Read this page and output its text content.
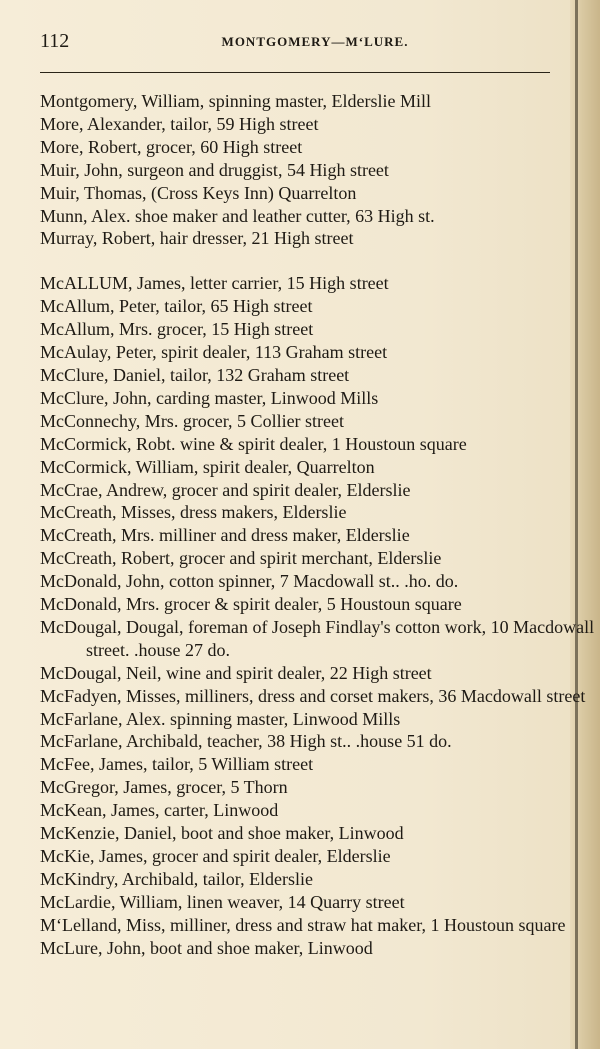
112	MONTGOMERY—M‘LURE.
Montgomery, William, spinning master, Elderslie Mill
More, Alexander, tailor, 59 High street
More, Robert, grocer, 60 High street
Muir, John, surgeon and druggist, 54 High street
Muir, Thomas, (Cross Keys Inn) Quarrelton
Munn, Alex. shoe maker and leather cutter, 63 High st.
Murray, Robert, hair dresser, 21 High street
McALLUM, James, letter carrier, 15 High street
McAllum, Peter, tailor, 65 High street
McAllum, Mrs. grocer, 15 High street
McAulay, Peter, spirit dealer, 113 Graham street
McClure, Daniel, tailor, 132 Graham street
McClure, John, carding master, Linwood Mills
McConnechy, Mrs. grocer, 5 Collier street
McCormick, Robt. wine & spirit dealer, 1 Houstoun square
McCormick, William, spirit dealer, Quarrelton
McCrae, Andrew, grocer and spirit dealer, Elderslie
McCreath, Misses, dress makers, Elderslie
McCreath, Mrs. milliner and dress maker, Elderslie
McCreath, Robert, grocer and spirit merchant, Elderslie
McDonald, John, cotton spinner, 7 Macdowall st.. .ho. do.
McDonald, Mrs. grocer & spirit dealer, 5 Houstoun square
McDougal, Dougal, foreman of Joseph Findlay's cotton work, 10 Macdowall street. .house 27 do.
McDougal, Neil, wine and spirit dealer, 22 High street
McFadyen, Misses, milliners, dress and corset makers, 36 Macdowall street
McFarlane, Alex. spinning master, Linwood Mills
McFarlane, Archibald, teacher, 38 High st.. .house 51 do.
McFee, James, tailor, 5 William street
McGregor, James, grocer, 5 Thorn
McKean, James, carter, Linwood
McKenzie, Daniel, boot and shoe maker, Linwood
McKie, James, grocer and spirit dealer, Elderslie
McKindry, Archibald, tailor, Elderslie
McLardie, William, linen weaver, 14 Quarry street
M‘Lelland, Miss, milliner, dress and straw hat maker, 1 Houstoun square
McLure, John, boot and shoe maker, Linwood
